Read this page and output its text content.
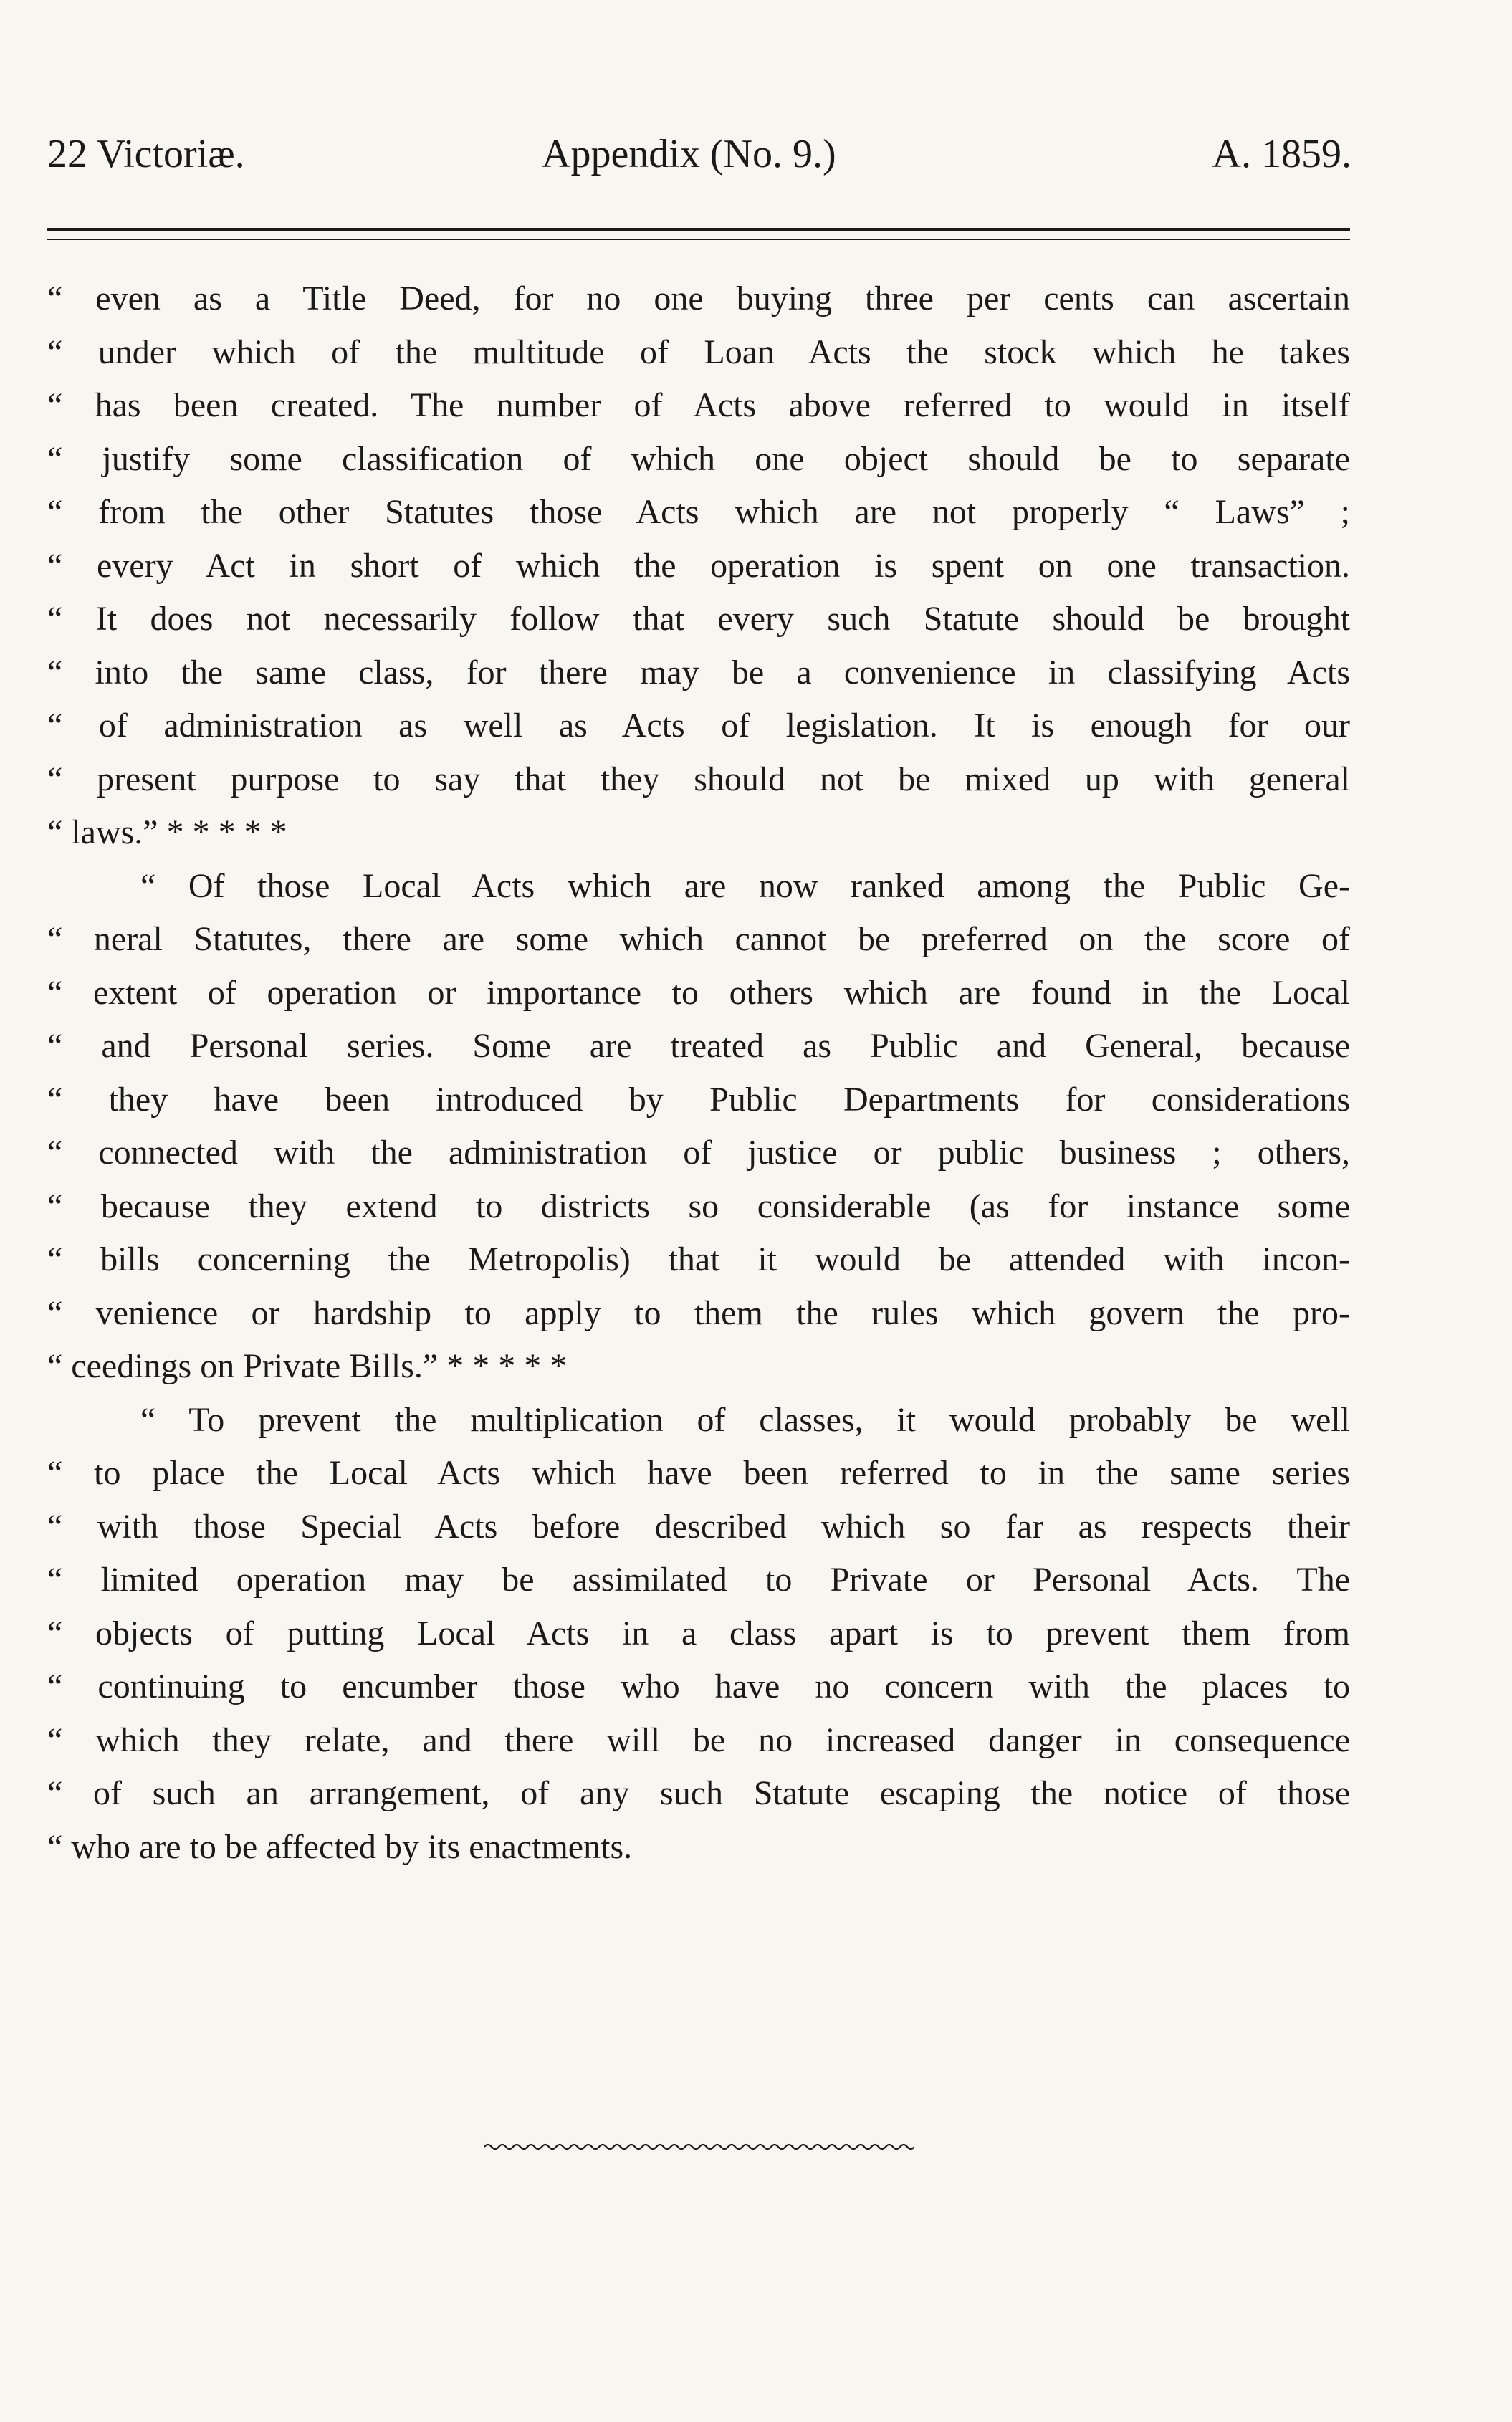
22 Victoriæ.	Appendix (No. 9.)	A. 1859.
“ even as a Title Deed, for no one buying three per cents can ascertain
“ under which of the multitude of Loan Acts the stock which he takes
“ has been created. The number of Acts above referred to would in itself
“ justify some classification of which one object should be to separate
“ from the other Statutes those Acts which are not properly “ Laws” ;
“ every Act in short of which the operation is spent on one transaction.
“ It does not necessarily follow that every such Statute should be brought
“ into the same class, for there may be a convenience in classifying Acts
“ of administration as well as Acts of legislation. It is enough for our
“ present purpose to say that they should not be mixed up with general
“ laws.” * * * * *
“ Of those Local Acts which are now ranked among the Public Ge-
“ neral Statutes, there are some which cannot be preferred on the score of
“ extent of operation or importance to others which are found in the Local
“ and Personal series. Some are treated as Public and General, because
“ they have been introduced by Public Departments for considerations
“ connected with the administration of justice or public business ; others,
“ because they extend to districts so considerable (as for instance some
“ bills concerning the Metropolis) that it would be attended with incon-
“ venience or hardship to apply to them the rules which govern the pro-
“ ceedings on Private Bills.” * * * * *
“ To prevent the multiplication of classes, it would probably be well
“ to place the Local Acts which have been referred to in the same series
“ with those Special Acts before described which so far as respects their
“ limited operation may be assimilated to Private or Personal Acts. The
“ objects of putting Local Acts in a class apart is to prevent them from
“ continuing to encumber those who have no concern with the places to
“ which they relate, and there will be no increased danger in consequence
“ of such an arrangement, of any such Statute escaping the notice of those
“ who are to be affected by its enactments.
